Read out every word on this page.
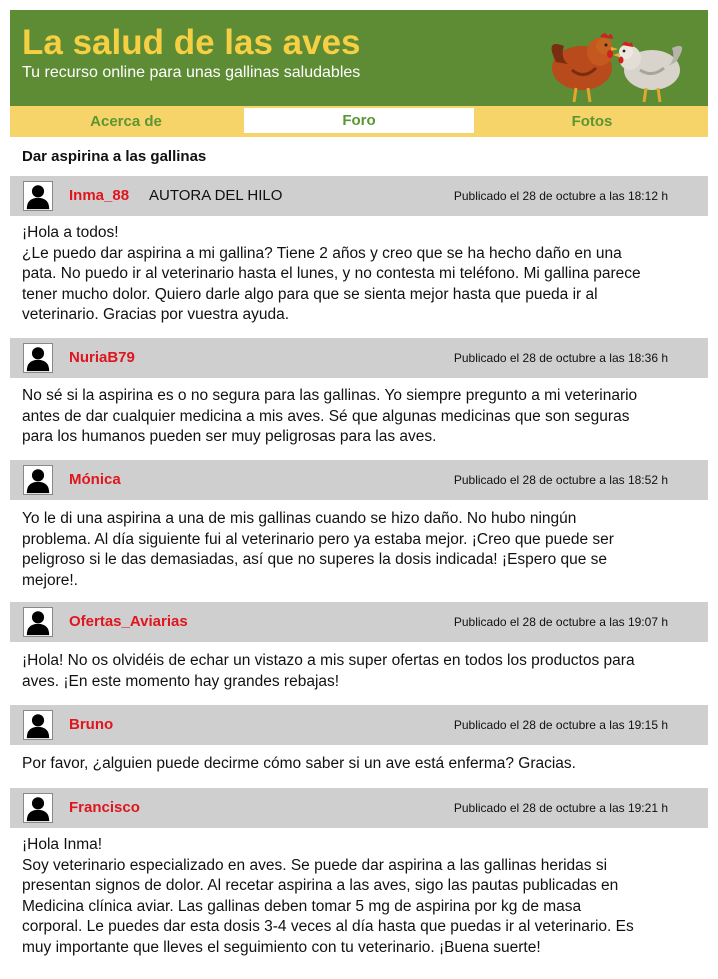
La salud de las aves
Tu recurso online para unas gallinas saludables
Acerca de	Foro	Fotos
Dar aspirina a las gallinas
Inma_88 AUTORA DEL HILO	Publicado el 28 de octubre a las 18:12 h

¡Hola a todos!

¿Le puedo dar aspirina a mi gallina? Tiene 2 años y creo que se ha hecho daño en una pata. No puedo ir al veterinario hasta el lunes, y no contesta mi teléfono. Mi gallina parece tener mucho dolor. Quiero darle algo para que se sienta mejor hasta que pueda ir al veterinario. Gracias por vuestra ayuda.

NuriaB79	Publicado el 28 de octubre a las 18:36 h

No sé si la aspirina es o no segura para las gallinas. Yo siempre pregunto a mi veterinario antes de dar cualquier medicina a mis aves. Sé que algunas medicinas que son seguras para los humanos pueden ser muy peligrosas para las aves.

Mónica	Publicado el 28 de octubre a las 18:52 h

Yo le di una aspirina a una de mis gallinas cuando se hizo daño. No hubo ningún problema. Al día siguiente fui al veterinario pero ya estaba mejor. ¡Creo que puede ser peligroso si le das demasiadas, así que no superes la dosis indicada! ¡Espero que se mejore!.

Ofertas_Aviarias	Publicado el 28 de octubre a las 19:07 h

¡Hola! No os olvidéis de echar un vistazo a mis super ofertas en todos los productos para aves. ¡En este momento hay grandes rebajas!

Bruno	Publicado el 28 de octubre a las 19:15 h

Por favor, ¿alguien puede decirme cómo saber si un ave está enferma? Gracias.

Francisco	Publicado el 28 de octubre a las 19:21 h

¡Hola Inma!

Soy veterinario especializado en aves. Se puede dar aspirina a las gallinas heridas si presentan signos de dolor. Al recetar aspirina a las aves, sigo las pautas publicadas en Medicina clínica aviar. Las gallinas deben tomar 5 mg de aspirina por kg de masa corporal. Le puedes dar esta dosis 3-4 veces al día hasta que puedas ir al veterinario. Es muy importante que lleves el seguimiento con tu veterinario. ¡Buena suerte!
